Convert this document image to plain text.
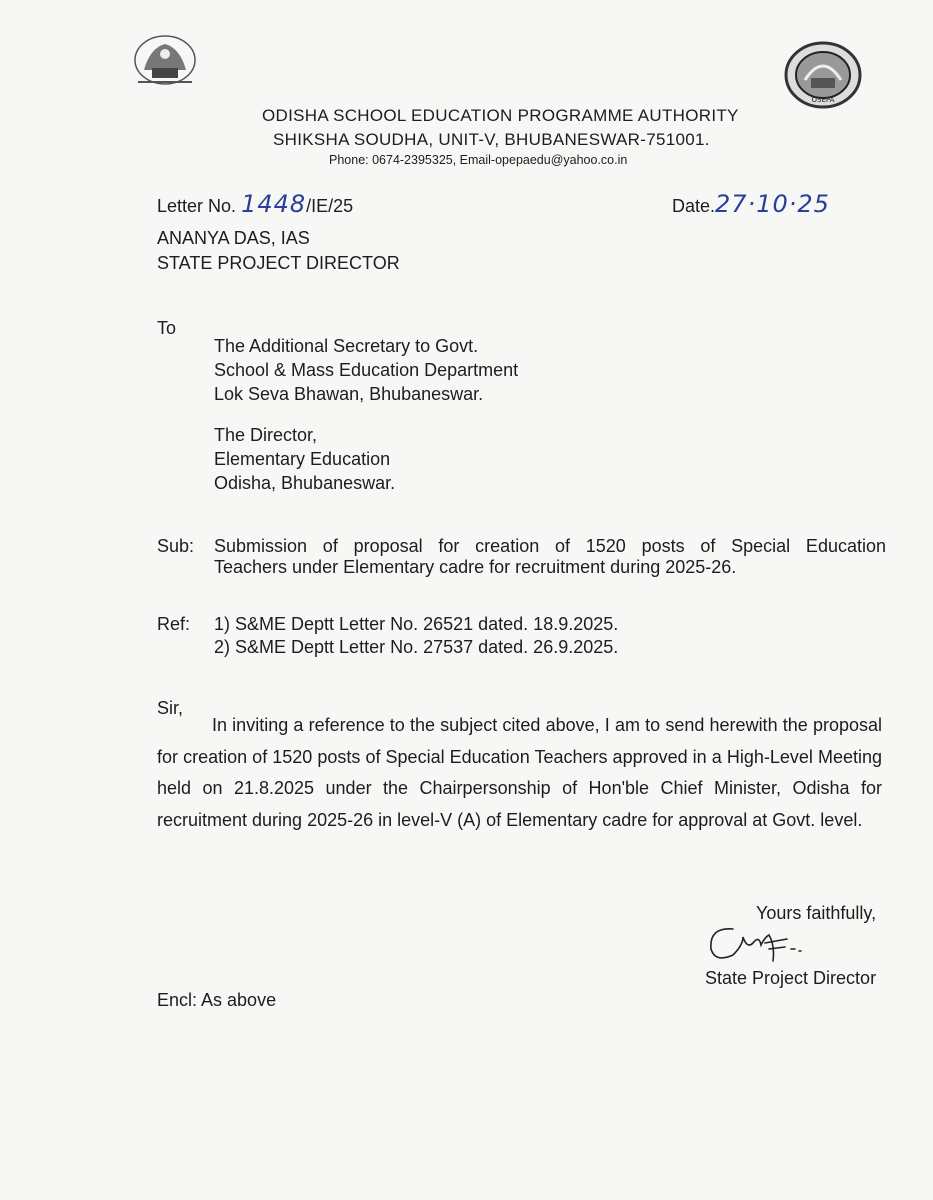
OSEPA
ODISHA SCHOOL EDUCATION PROGRAMME AUTHORITY
SHIKSHA SOUDHA, UNIT-V, BHUBANESWAR-751001.
Phone: 0674-2395325, Email-opepaedu@yahoo.co.in
Letter No. 1448/IE/25	Date.27·10·25
ANANYA DAS, IAS
STATE PROJECT DIRECTOR
To
The Additional Secretary to Govt.
School & Mass Education Department
Lok Seva Bhawan, Bhubaneswar.
The Director,
Elementary Education
Odisha, Bhubaneswar.
Sub: Submission of proposal for creation of 1520 posts of Special Education
Teachers under Elementary cadre for recruitment during 2025-26.
Ref: 1) S&ME Deptt Letter No. 26521 dated. 18.9.2025.
2) S&ME Deptt Letter No. 27537 dated. 26.9.2025.
Sir,
In inviting a reference to the subject cited above, I am to send herewith the proposal for creation of 1520 posts of Special Education Teachers approved in a High-Level Meeting held on 21.8.2025 under the Chairpersonship of Hon'ble Chief Minister, Odisha for recruitment during 2025-26 in level-V (A) of Elementary cadre for approval at Govt. level.
Yours faithfully,
State Project Director
Encl: As above
